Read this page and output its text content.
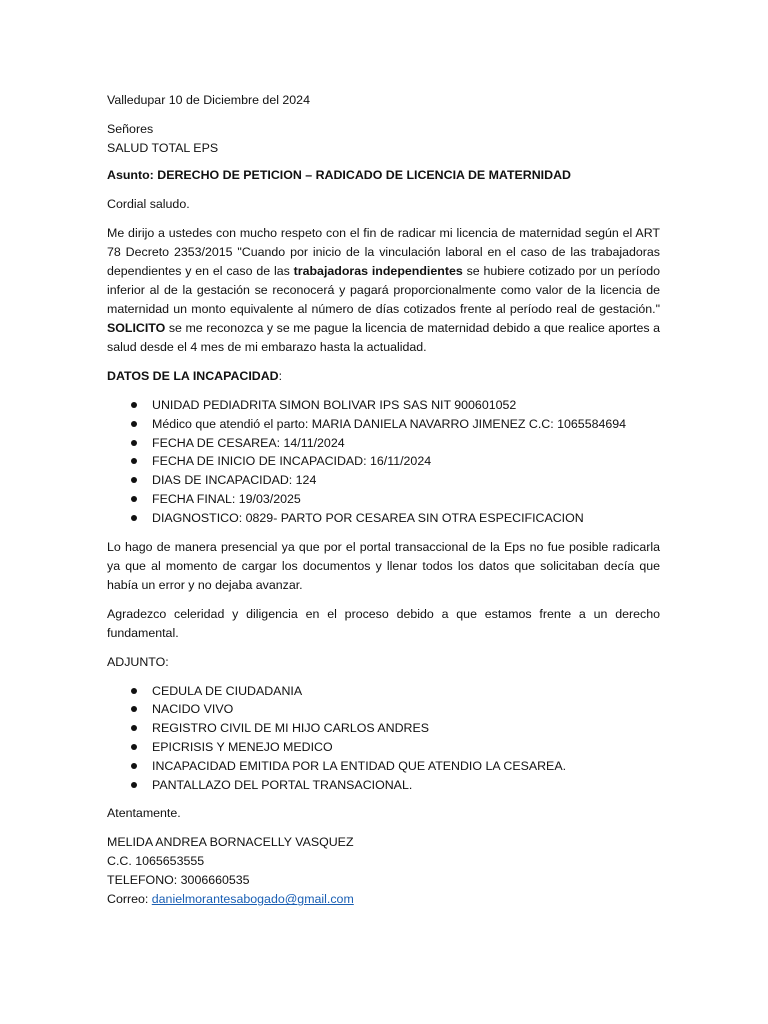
Valledupar 10 de Diciembre del 2024

Señores

SALUD TOTAL EPS

Asunto: DERECHO DE PETICION – RADICADO DE LICENCIA DE MATERNIDAD

Cordial saludo.

Me dirijo a ustedes con mucho respeto con el fin de radicar mi licencia de maternidad según el ART 78 Decreto 2353/2015 "Cuando por inicio de la vinculación laboral en el caso de las trabajadoras dependientes y en el caso de las trabajadoras independientes se hubiere cotizado por un período inferior al de la gestación se reconocerá y pagará proporcionalmente como valor de la licencia de maternidad un monto equivalente al número de días cotizados frente al período real de gestación." SOLICITO se me reconozca y se me pague la licencia de maternidad debido a que realice aportes a salud desde el 4 mes de mi embarazo hasta la actualidad.

DATOS DE LA INCAPACIDAD:

UNIDAD PEDIADRITA SIMON BOLIVAR IPS SAS NIT 900601052
Médico que atendió el parto: MARIA DANIELA NAVARRO JIMENEZ C.C: 1065584694
FECHA DE CESAREA: 14/11/2024
FECHA DE INICIO DE INCAPACIDAD: 16/11/2024
DIAS DE INCAPACIDAD: 124
FECHA FINAL: 19/03/2025
DIAGNOSTICO: 0829- PARTO POR CESAREA SIN OTRA ESPECIFICACION

Lo hago de manera presencial ya que por el portal transaccional de la Eps no fue posible radicarla ya que al momento de cargar los documentos y llenar todos los datos que solicitaban decía que había un error y no dejaba avanzar.

Agradezco celeridad y diligencia en el proceso debido a que estamos frente a un derecho fundamental.

ADJUNTO:

CEDULA DE CIUDADANIA
NACIDO VIVO
REGISTRO CIVIL DE MI HIJO CARLOS ANDRES
EPICRISIS Y MENEJO MEDICO
INCAPACIDAD EMITIDA POR LA ENTIDAD QUE ATENDIO LA CESAREA.
PANTALLAZO DEL PORTAL TRANSACIONAL.

Atentamente.

MELIDA ANDREA BORNACELLY VASQUEZ

C.C. 1065653555

TELEFONO: 3006660535

Correo: danielmorantesabogado@gmail.com
